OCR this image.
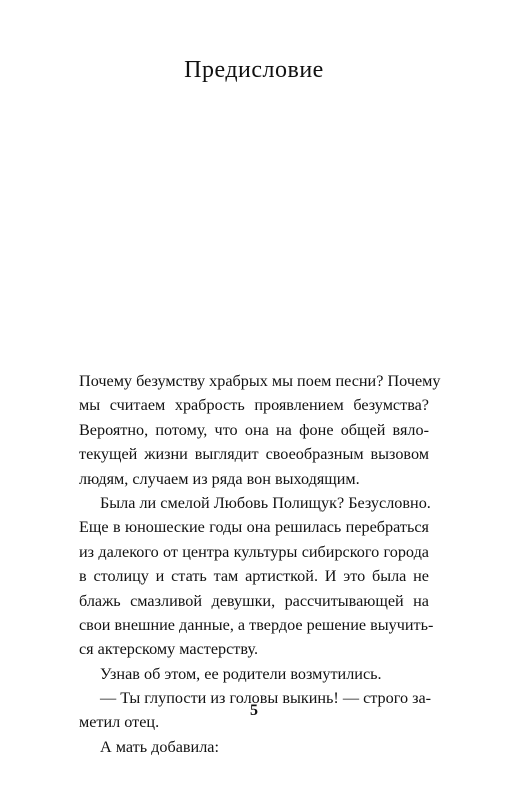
Предисловие
Почему безумству храбрых мы поем песни? Почему
мы считаем храбрость проявлением безумства?
Вероятно, потому, что она на фоне общей вяло-
текущей жизни выглядит своеобразным вызовом
людям, случаем из ряда вон выходящим.
Была ли смелой Любовь Полищук? Безусловно.
Еще в юношеские годы она решилась перебраться
из далекого от центра культуры сибирского города
в столицу и стать там артисткой. И это была не
блажь смазливой девушки, рассчитывающей на
свои внешние данные, а твердое решение выучить-
ся актерскому мастерству.
Узнав об этом, ее родители возмутились.
— Ты глупости из головы выкинь! — строго за-
метил отец.
А мать добавила:
5
